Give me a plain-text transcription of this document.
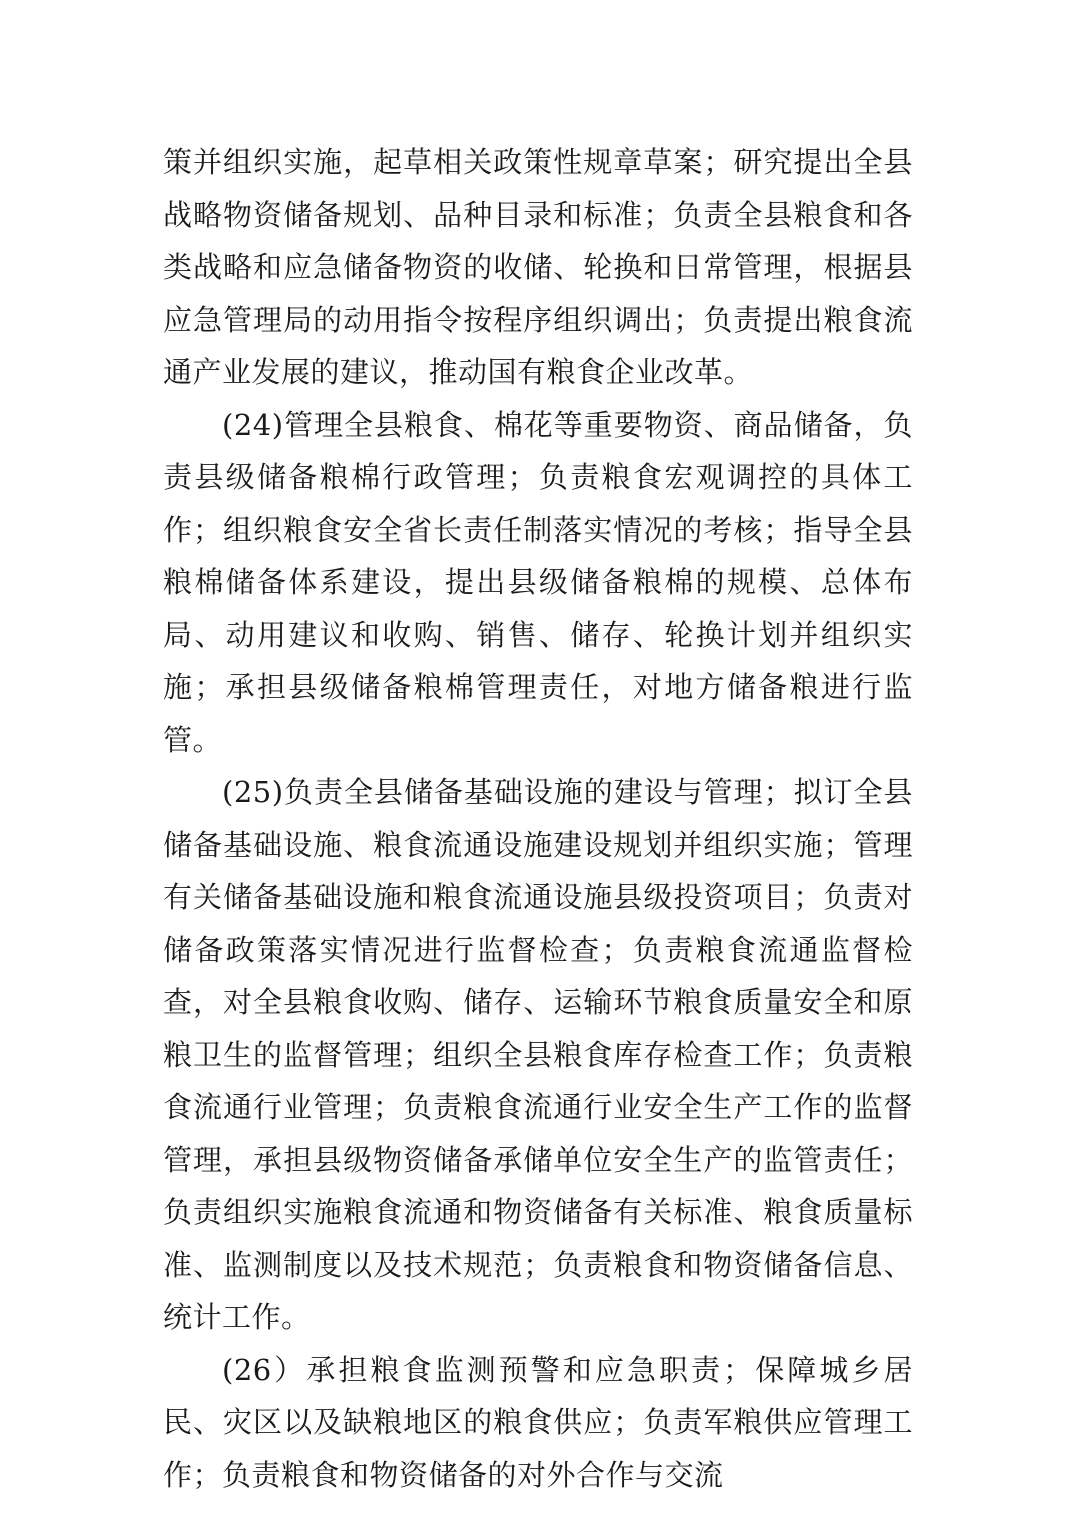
策并组织实施，起草相关政策性规章草案；研究提出全县战略物资储备规划、品种目录和标准；负责全县粮食和各类战略和应急储备物资的收储、轮换和日常管理，根据县应急管理局的动用指令按程序组织调出；负责提出粮食流通产业发展的建议，推动国有粮食企业改革。

(24)管理全县粮食、棉花等重要物资、商品储备，负责县级储备粮棉行政管理；负责粮食宏观调控的具体工作；组织粮食安全省长责任制落实情况的考核；指导全县粮棉储备体系建设，提出县级储备粮棉的规模、总体布局、动用建议和收购、销售、储存、轮换计划并组织实施；承担县级储备粮棉管理责任，对地方储备粮进行监管。

(25)负责全县储备基础设施的建设与管理；拟订全县储备基础设施、粮食流通设施建设规划并组织实施；管理有关储备基础设施和粮食流通设施县级投资项目；负责对储备政策落实情况进行监督检查；负责粮食流通监督检查，对全县粮食收购、储存、运输环节粮食质量安全和原粮卫生的监督管理；组织全县粮食库存检查工作；负责粮食流通行业管理；负责粮食流通行业安全生产工作的监督管理，承担县级物资储备承储单位安全生产的监管责任；负责组织实施粮食流通和物资储备有关标准、粮食质量标准、监测制度以及技术规范；负责粮食和物资储备信息、统计工作。

(26）承担粮食监测预警和应急职责；保障城乡居民、灾区以及缺粮地区的粮食供应；负责军粮供应管理工作；负责粮食和物资储备的对外合作与交流
